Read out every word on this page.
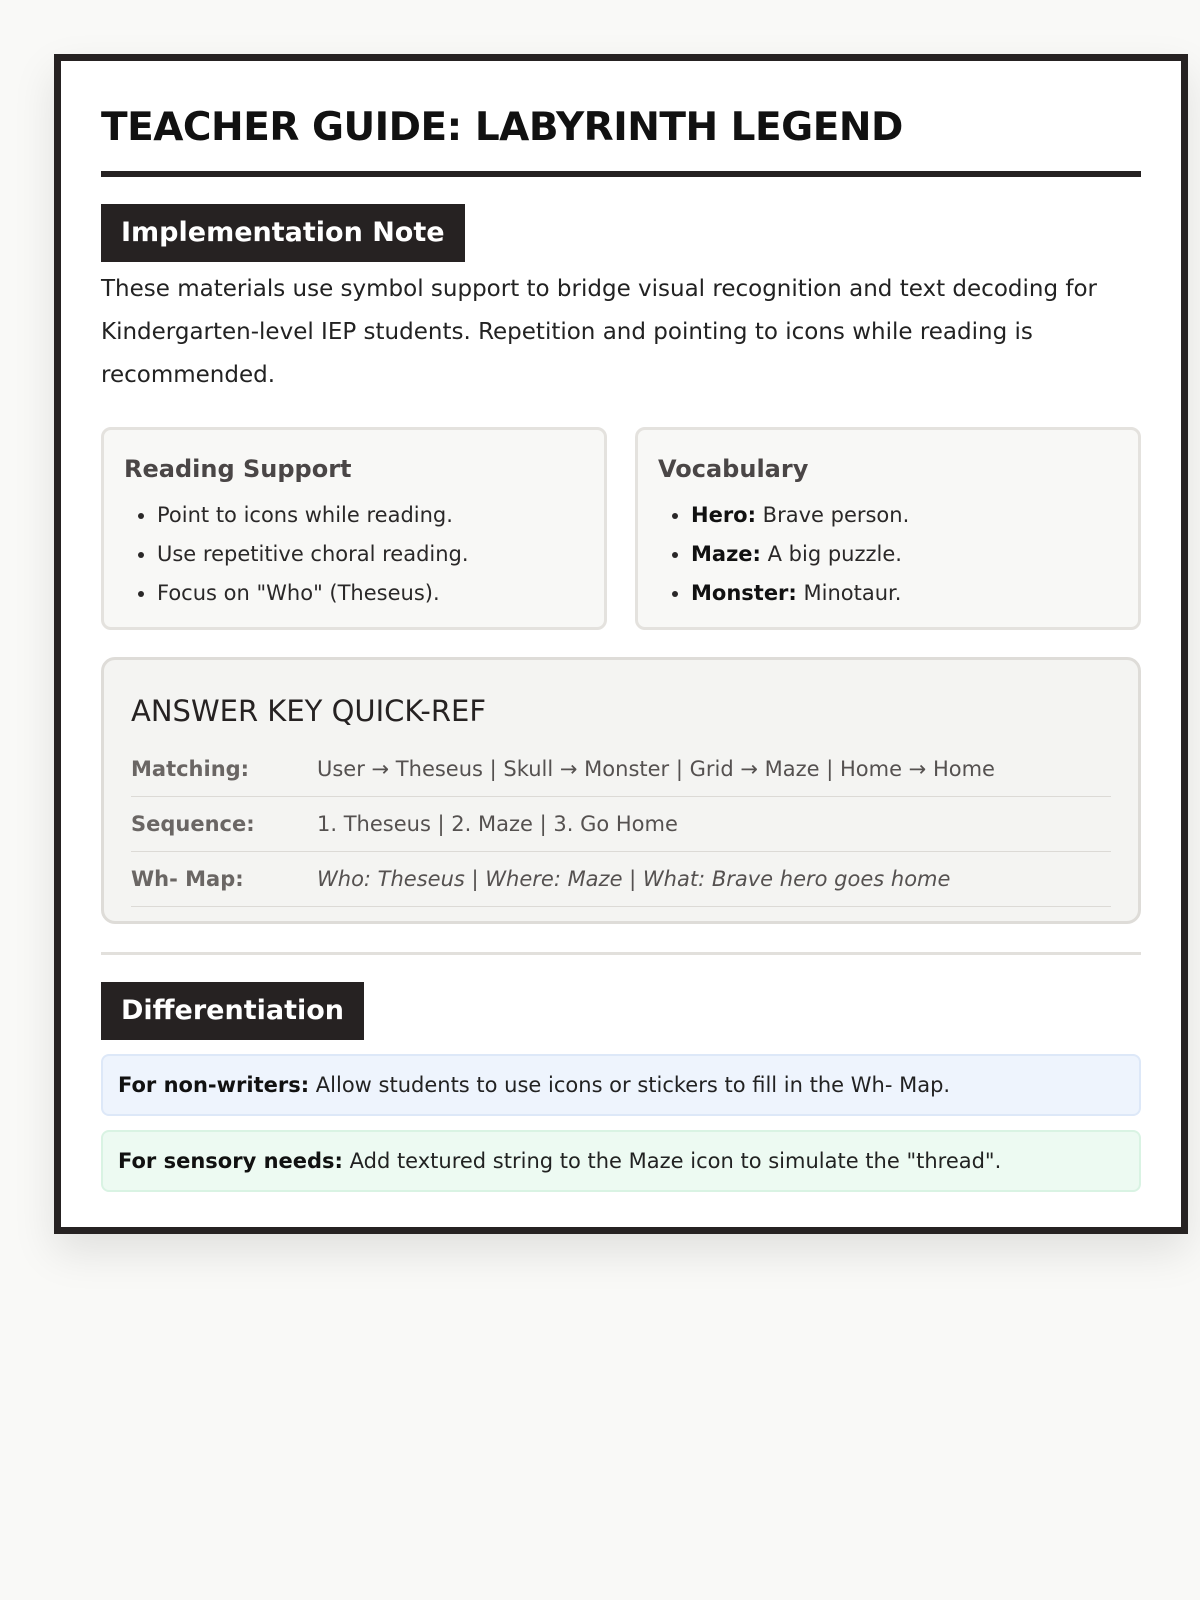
TEACHER GUIDE: LABYRINTH LEGEND
Implementation Note

These materials use symbol support to bridge visual recognition and text decoding for Kindergarten-level IEP students. Repetition and pointing to icons while reading is recommended.

Reading Support
• Point to icons while reading.
• Use repetitive choral reading.
• Focus on "Who" (Theseus).
Vocabulary
• Hero: Brave person.
• Maze: A big puzzle.
• Monster: Minotaur.
ANSWER KEY QUICK-REF
Matching:	User → Theseus | Skull → Monster | Grid → Maze | Home → Home
Sequence:	1. Theseus | 2. Maze | 3. Go Home
Wh- Map:	Who: Theseus | Where: Maze | What: Brave hero goes home
Differentiation
For non-writers: Allow students to use icons or stickers to fill in the Wh- Map.
For sensory needs: Add textured string to the Maze icon to simulate the "thread".
